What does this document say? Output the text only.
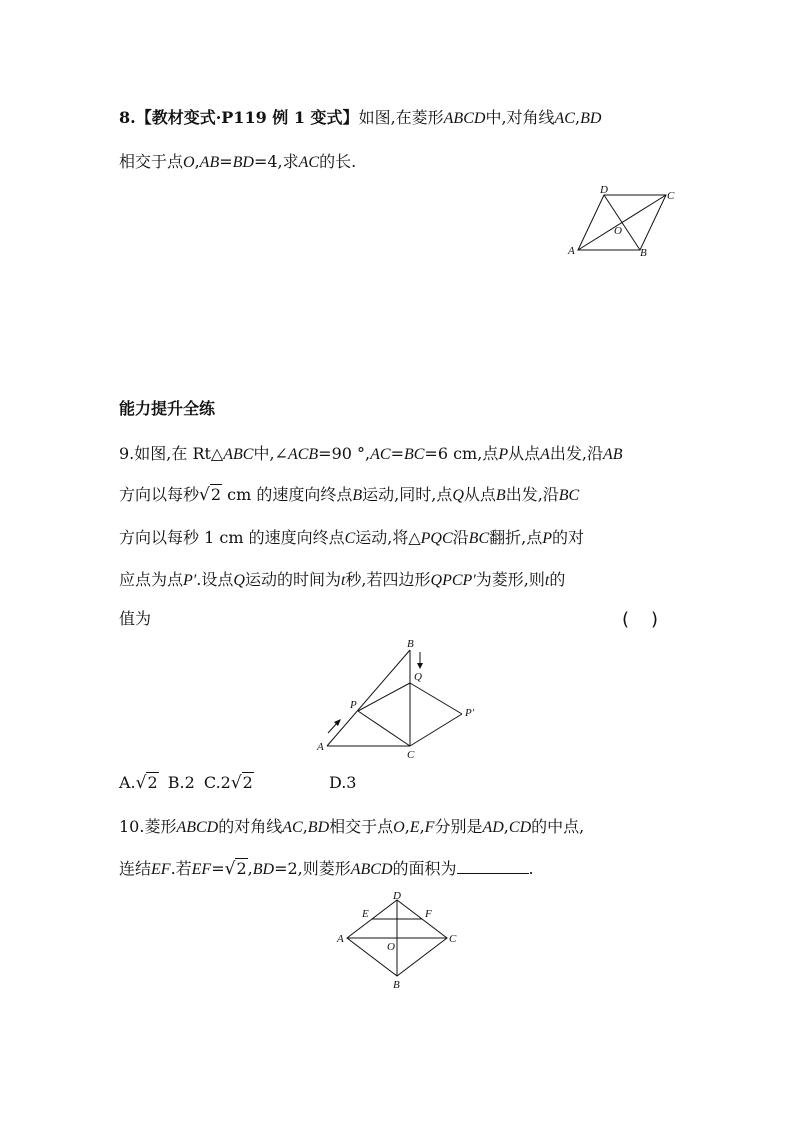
8.【教材变式·P119 例 1 变式】如图,在菱形ABCD中,对角线AC,BD
相交于点O,AB=BD=4,求AC的长.
A	B
C
D
O
能力提升全练
9.如图,在 Rt△ABC中,∠ACB=90 °,AC=BC=6 cm,点P从点A出发,沿AB
方向以每秒√2 cm 的速度向终点B运动,同时,点Q从点B出发,沿BC
方向以每秒 1 cm 的速度向终点C运动,将△PQC沿BC翻折,点P的对
应点为点P′.设点Q运动的时间为t秒,若四边形QPCP′为菱形,则t的
值为	()
A
B
C
P
Q
P′
A.√2 B.2 C.2√2	D.3
10.菱形ABCD的对角线AC,BD相交于点O,E,F分别是AD,CD的中点,
连结EF.若EF=√2,BD=2,则菱形ABCD的面积为	.
A
B
C
D
E	F
O
